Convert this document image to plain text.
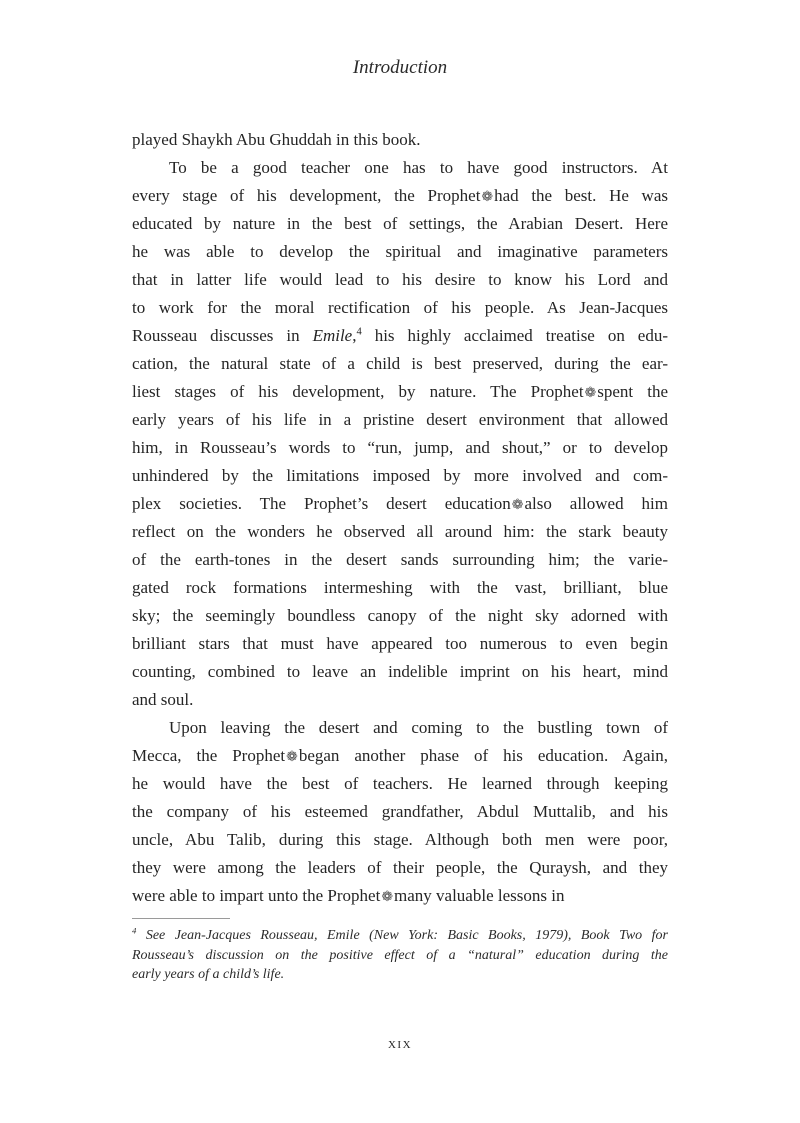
Introduction
played Shaykh Abu Ghuddah in this book.
To be a good teacher one has to have good instructors. At
every stage of his development, the Prophet❁had the best. He was
educated by nature in the best of settings, the Arabian Desert. Here
he was able to develop the spiritual and imaginative parameters
that in latter life would lead to his desire to know his Lord and
to work for the moral rectification of his people. As Jean-Jacques
Rousseau discusses in Emile,$^4$ his highly acclaimed treatise on edu-
cation, the natural state of a child is best preserved, during the ear-
liest stages of his development, by nature. The Prophet❁spent the
early years of his life in a pristine desert environment that allowed
him, in Rousseau’s words to “run, jump, and shout,” or to develop
unhindered by the limitations imposed by more involved and com-
plex societies. The Prophet’s desert education❁also allowed him
reflect on the wonders he observed all around him: the stark beauty
of the earth-tones in the desert sands surrounding him; the varie-
gated rock formations intermeshing with the vast, brilliant, blue
sky; the seemingly boundless canopy of the night sky adorned with
brilliant stars that must have appeared too numerous to even begin
counting, combined to leave an indelible imprint on his heart, mind
and soul.
Upon leaving the desert and coming to the bustling town of
Mecca, the Prophet❁began another phase of his education. Again,
he would have the best of teachers. He learned through keeping
the company of his esteemed grandfather, Abdul Muttalib, and his
uncle, Abu Talib, during this stage. Although both men were poor,
they were among the leaders of their people, the Quraysh, and they
were able to impart unto the Prophet❁many valuable lessons in
$^4$ See Jean-Jacques Rousseau, Emile (New York: Basic Books, 1979), Book Two for
Rousseau’s discussion on the positive effect of a “natural” education during the
early years of a child’s life.
xix
